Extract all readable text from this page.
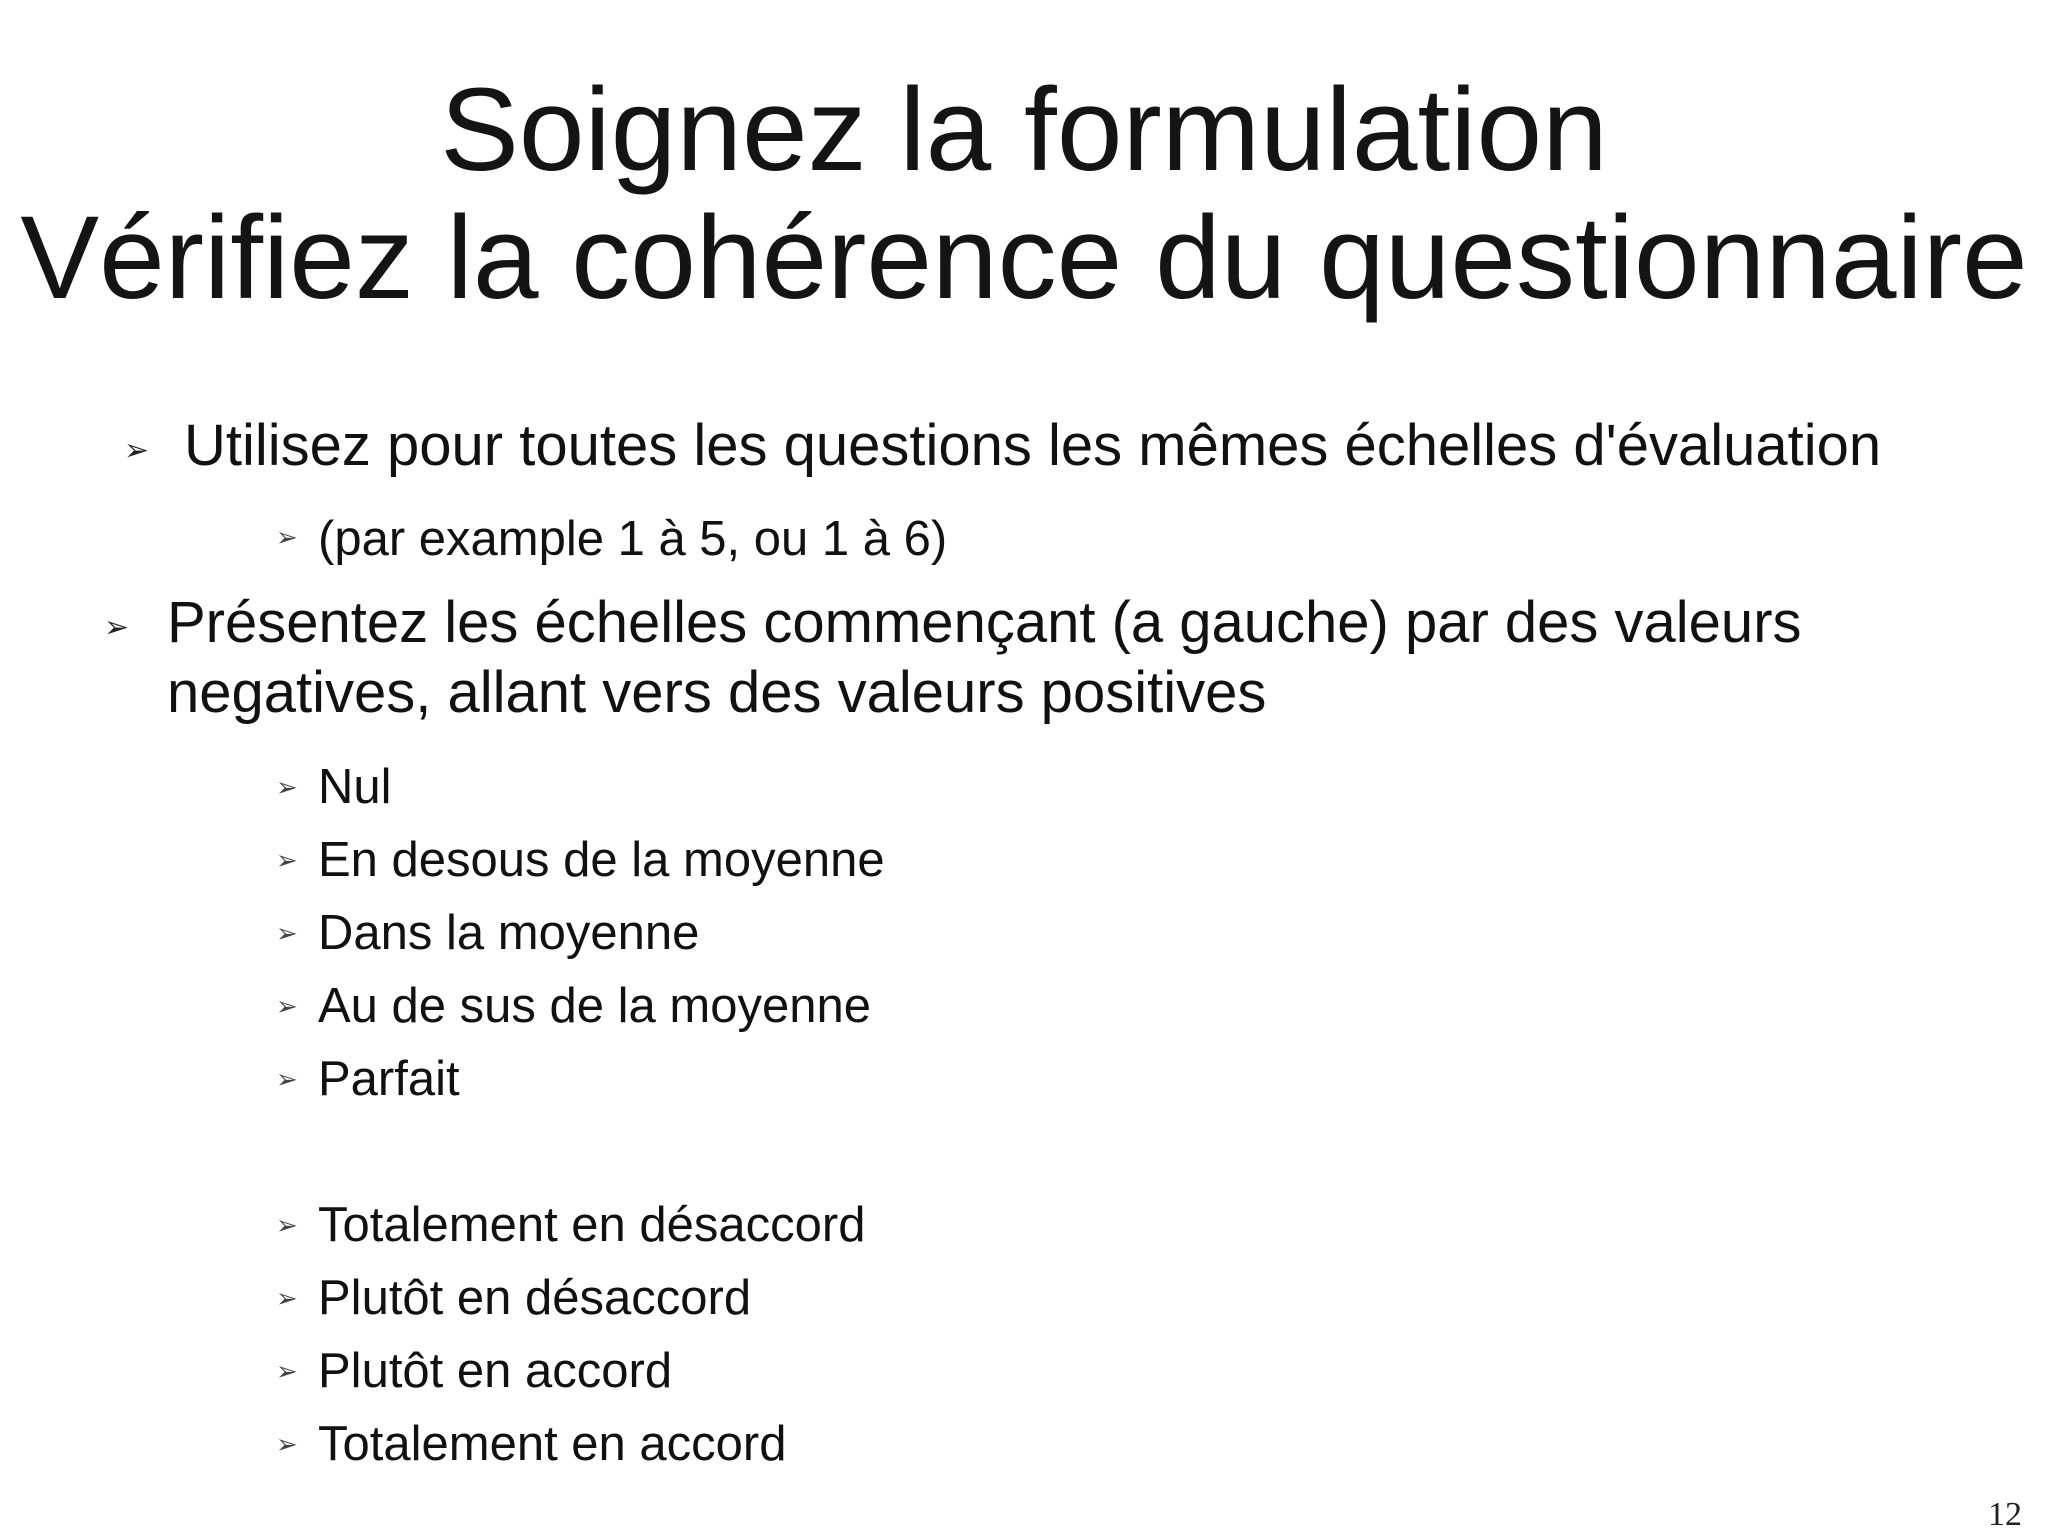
Soignez la formulation
Vérifiez la cohérence du questionnaire
➢ Utilisez pour toutes les questions les mêmes échelles d'évaluation
➢ (par example 1 à 5, ou 1 à 6)
➢ Présentez les échelles commençant (a gauche) par des valeurs
negatives, allant vers des valeurs positives
➢ Nul
➢ En desous de la moyenne
➢ Dans la moyenne
➢ Au de sus de la moyenne
➢ Parfait
➢ Totalement en désaccord
➢ Plutôt en désaccord
➢ Plutôt en accord
➢ Totalement en accord
12
